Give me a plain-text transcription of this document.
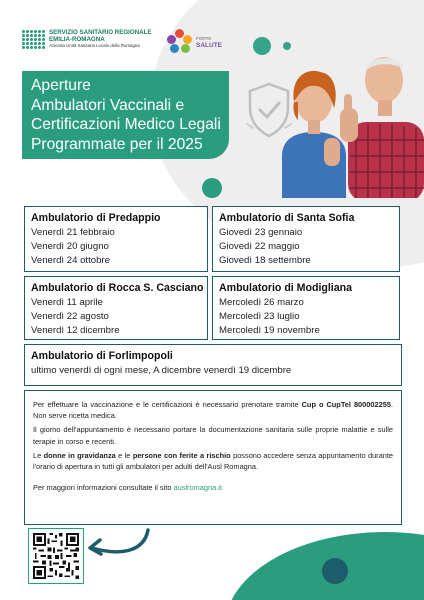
SERVIZIO SANITARIO REGIONALE
EMILIA-ROMAGNA
Azienda Unità Sanitaria Locale della Romagna
FORTE
SALUTE
Aperture
Ambulatori Vaccinali e
Certificazioni Medico Legali
Programmate per il 2025
Ambulatorio di Predappio
Venerdì 21 febbraio
Venerdì 20 giugno
Venerdì 24 ottobre
Ambulatorio di Santa Sofia
Giovedì 23 gennaio
Giovedì 22 maggio
Giovedì 18 settembre
Ambulatorio di Rocca S. Casciano
Venerdì 11 aprile
Venerdì 22 agosto
Venerdì 12 dicembre
Ambulatorio di Modigliana
Mercoledì 26 marzo
Mercoledì 23 luglio
Mercoledì 19 novembre
Ambulatorio di Forlimpopoli
ultimo venerdì di ogni mese, A dicembre venerdì 19 dicembre

Per effettuare la vaccinazione e le certificazioni è necessario prenotare tramite Cup o CupTel 800002255. Non serve ricetta medica.

Il giorno dell'appuntamento è necessario portare la documentazione sanitaria sulle proprie malattie e sulle terapie in corso e recenti.

Le donne in gravidanza e le persone con ferite a rischio possono accedere senza appuntamento durante l'orario di apertura in tutti gli ambulatori per adulti dell'Ausl Romagna.

Per maggiori informazioni consultate il sito auslromagna.it
